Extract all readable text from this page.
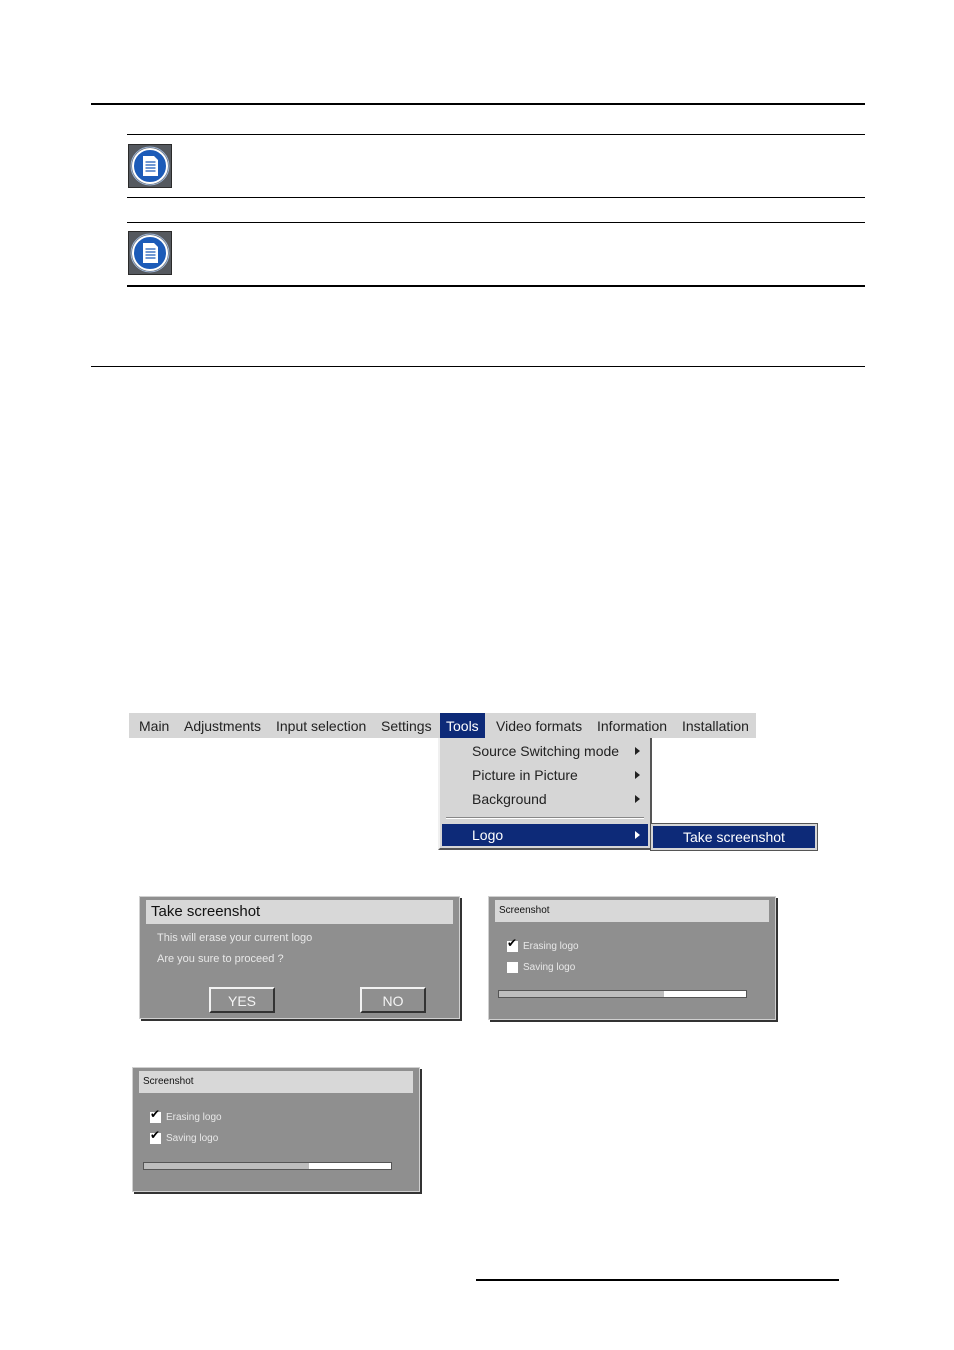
Main Adjustments Input selection Settings	Tools	Video formats Information Installation
Source Switching mode
Picture in Picture
Background
Logo	Take screenshot
Take screenshot
This will erase your current logo
Are you sure to proceed ?
YES	NO
Screenshot
✔ Erasing logo
Saving logo
Screenshot
✔ Erasing logo
✔ Saving logo
